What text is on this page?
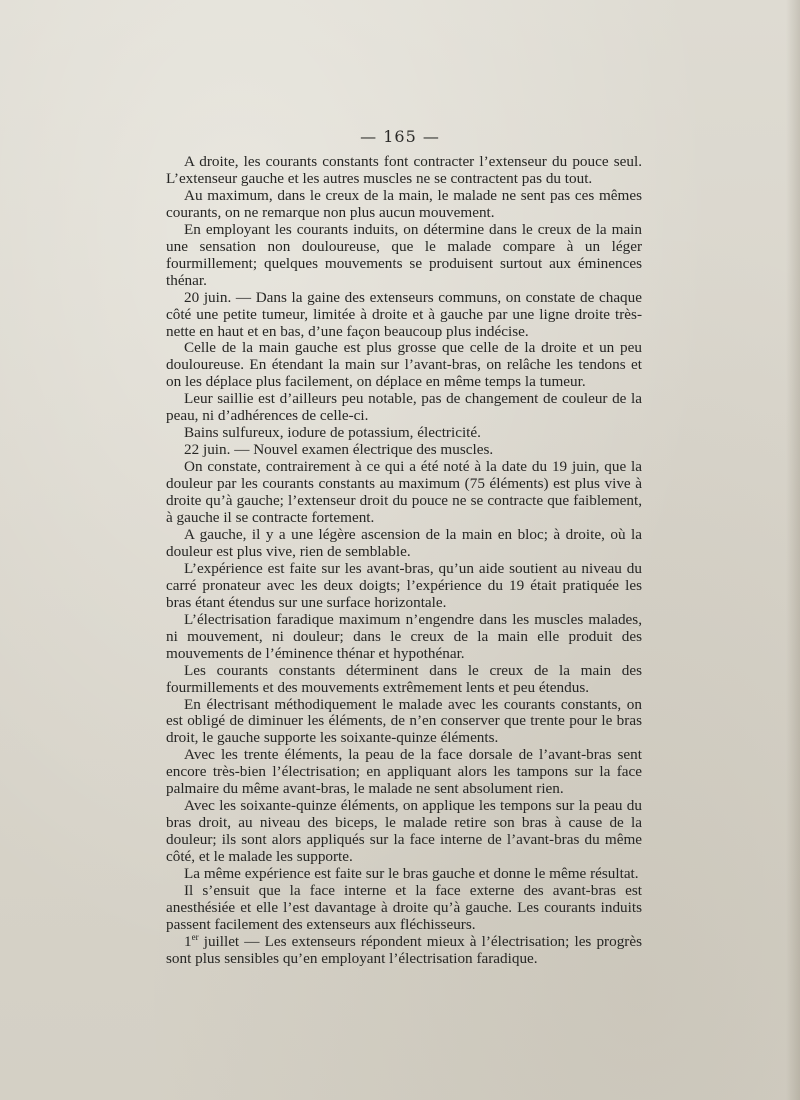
— 165 —

A droite, les courants constants font contracter l’extenseur du pouce seul. L’extenseur gauche et les autres muscles ne se contractent pas du tout.

Au maximum, dans le creux de la main, le malade ne sent pas ces mêmes courants, on ne remarque non plus aucun mouvement.

En employant les courants induits, on détermine dans le creux de la main une sensation non douloureuse, que le malade compare à un léger fourmillement; quelques mouvements se produisent surtout aux éminences thénar.

20 juin. — Dans la gaine des extenseurs communs, on constate de chaque côté une petite tumeur, limitée à droite et à gauche par une ligne droite très-nette en haut et en bas, d’une façon beaucoup plus indécise.

Celle de la main gauche est plus grosse que celle de la droite et un peu douloureuse. En étendant la main sur l’avant-bras, on relâche les tendons et on les déplace plus facilement, on déplace en même temps la tumeur.

Leur saillie est d’ailleurs peu notable, pas de changement de couleur de la peau, ni d’adhérences de celle-ci.

Bains sulfureux, iodure de potassium, électricité.

22 juin. — Nouvel examen électrique des muscles.

On constate, contrairement à ce qui a été noté à la date du 19 juin, que la douleur par les courants constants au maximum (75 éléments) est plus vive à droite qu’à gauche; l’extenseur droit du pouce ne se contracte que faiblement, à gauche il se contracte fortement.

A gauche, il y a une légère ascension de la main en bloc; à droite, où la douleur est plus vive, rien de semblable.

L’expérience est faite sur les avant-bras, qu’un aide soutient au niveau du carré pronateur avec les deux doigts; l’expérience du 19 était pratiquée les bras étant étendus sur une surface horizontale.

L’électrisation faradique maximum n’engendre dans les muscles malades, ni mouvement, ni douleur; dans le creux de la main elle produit des mouvements de l’éminence thénar et hypothénar.

Les courants constants déterminent dans le creux de la main des fourmillements et des mouvements extrêmement lents et peu étendus.

En électrisant méthodiquement le malade avec les courants constants, on est obligé de diminuer les éléments, de n’en conserver que trente pour le bras droit, le gauche supporte les soixante-quinze éléments.

Avec les trente éléments, la peau de la face dorsale de l’avant-bras sent encore très-bien l’électrisation; en appliquant alors les tampons sur la face palmaire du même avant-bras, le malade ne sent absolument rien.

Avec les soixante-quinze éléments, on applique les tempons sur la peau du bras droit, au niveau des biceps, le malade retire son bras à cause de la douleur; ils sont alors appliqués sur la face interne de l’avant-bras du même côté, et le malade les supporte.

La même expérience est faite sur le bras gauche et donne le même résultat.

Il s’ensuit que la face interne et la face externe des avant-bras est anesthésiée et elle l’est davantage à droite qu’à gauche. Les courants induits passent facilement des extenseurs aux fléchisseurs.

1er juillet — Les extenseurs répondent mieux à l’électrisation; les progrès sont plus sensibles qu’en employant l’électrisation faradique.
